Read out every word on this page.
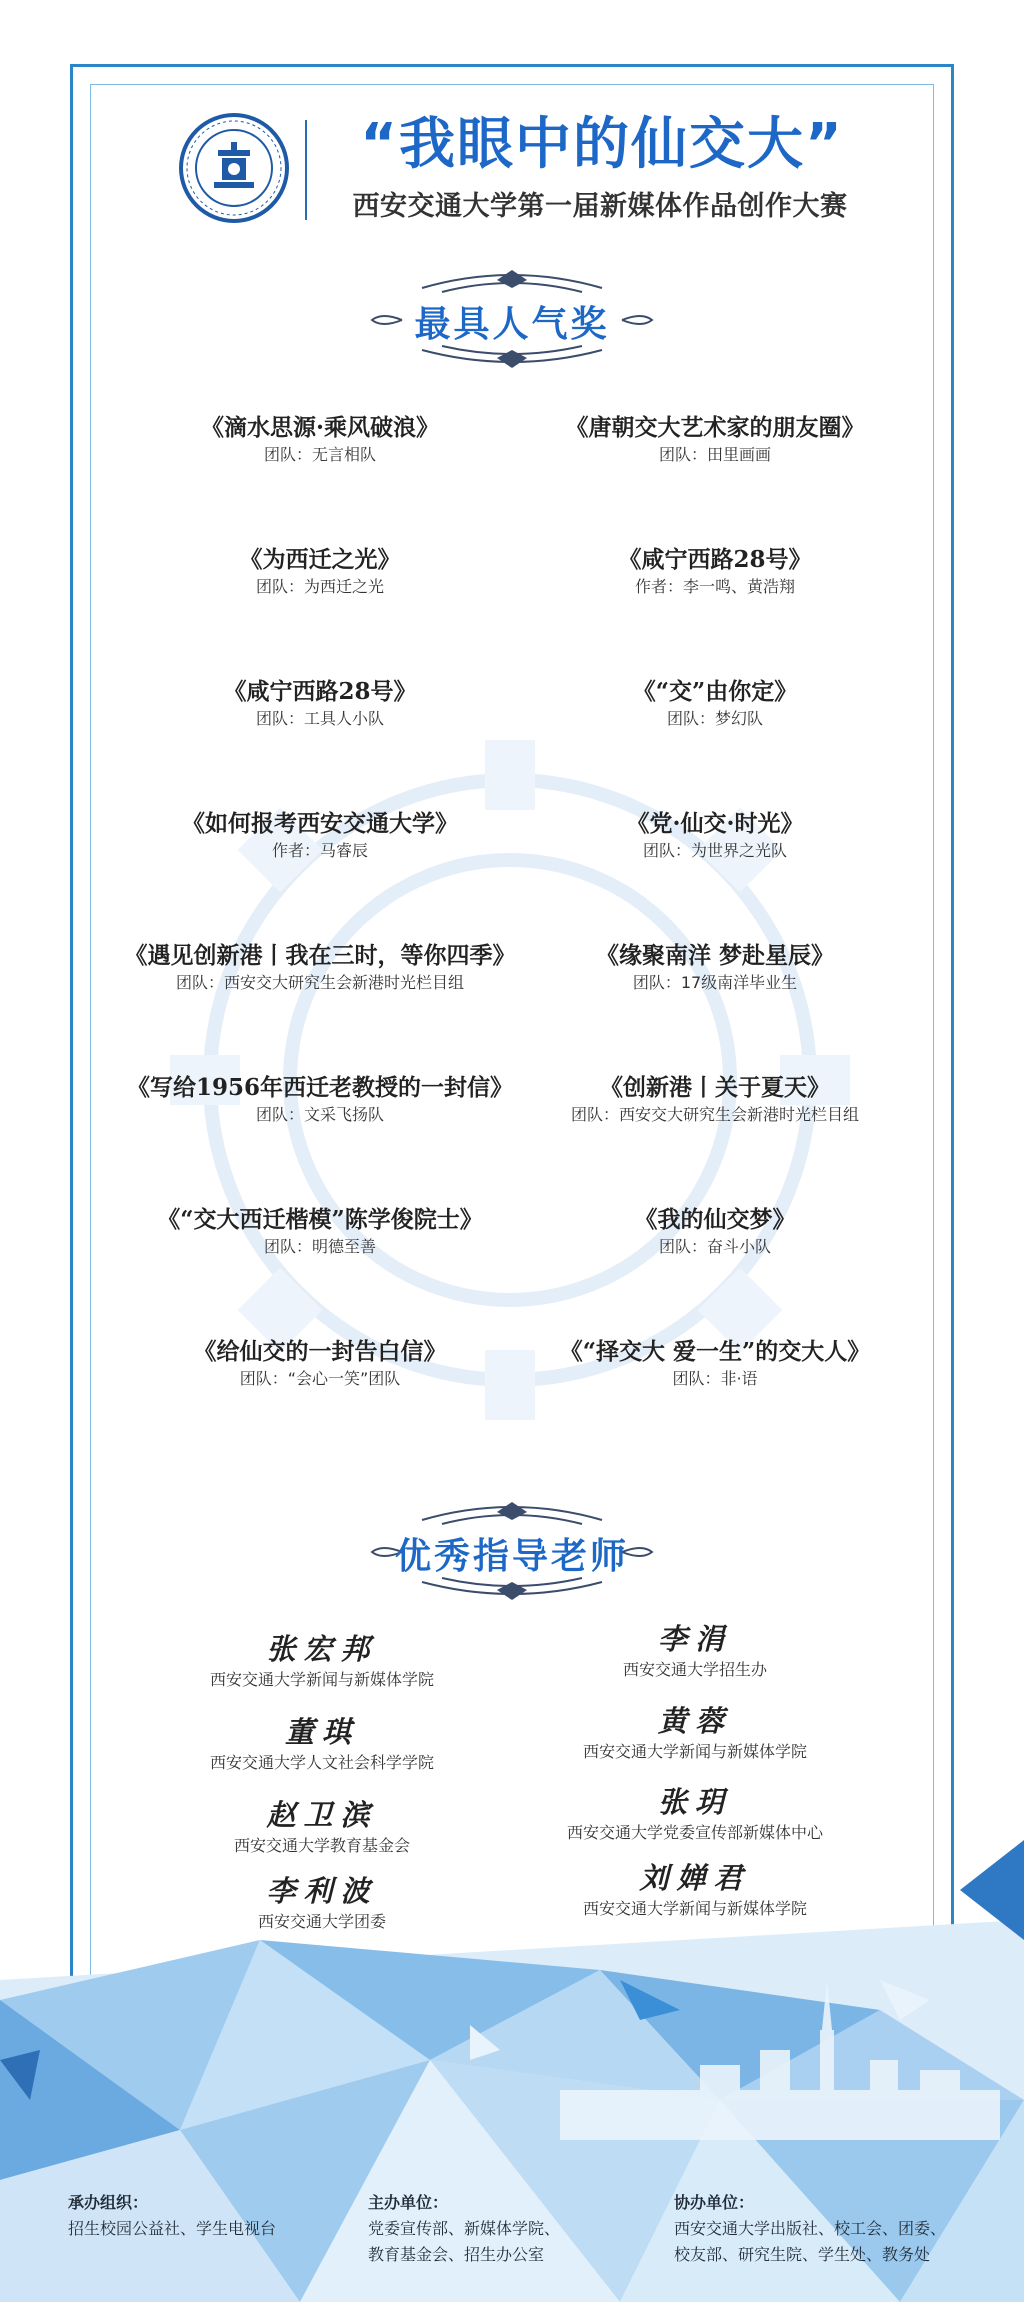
“我眼中的仙交大”
西安交通大学第一届新媒体作品创作大赛
最具人气奖
《滴水思源·乘风破浪》
团队：无言相队
《唐朝交大艺术家的朋友圈》
团队：田里画画
《为西迁之光》
团队：为西迁之光
《咸宁西路28号》
作者：李一鸣、黄浩翔
《咸宁西路28号》
团队：工具人小队
《“交”由你定》
团队：梦幻队
《如何报考西安交通大学》
作者：马睿辰
《党·仙交·时光》
团队：为世界之光队
《遇见创新港丨我在三时，等你四季》
团队：西安交大研究生会新港时光栏目组
《缘聚南洋 梦赴星辰》
团队：17级南洋毕业生
《写给1956年西迁老教授的一封信》
团队：文采飞扬队
《创新港丨关于夏天》
团队：西安交大研究生会新港时光栏目组
《“交大西迁楷模”陈学俊院士》
团队：明德至善
《我的仙交梦》
团队：奋斗小队
《给仙交的一封告白信》
团队：“会心一笑”团队
《“择交大 爱一生”的交大人》
团队：非·语
优秀指导老师
张宏邦
西安交通大学新闻与新媒体学院
董琪
西安交通大学人文社会科学学院
赵卫滨
西安交通大学教育基金会
李利波
西安交通大学团委
李涓
西安交通大学招生办
黄蓉
西安交通大学新闻与新媒体学院
张玥
西安交通大学党委宣传部新媒体中心
刘婵君
西安交通大学新闻与新媒体学院
承办组织：
招生校园公益社、学生电视台
主办单位：
党委宣传部、新媒体学院、
教育基金会、招生办公室
协办单位：
西安交通大学出版社、校工会、团委、
校友部、研究生院、学生处、教务处
